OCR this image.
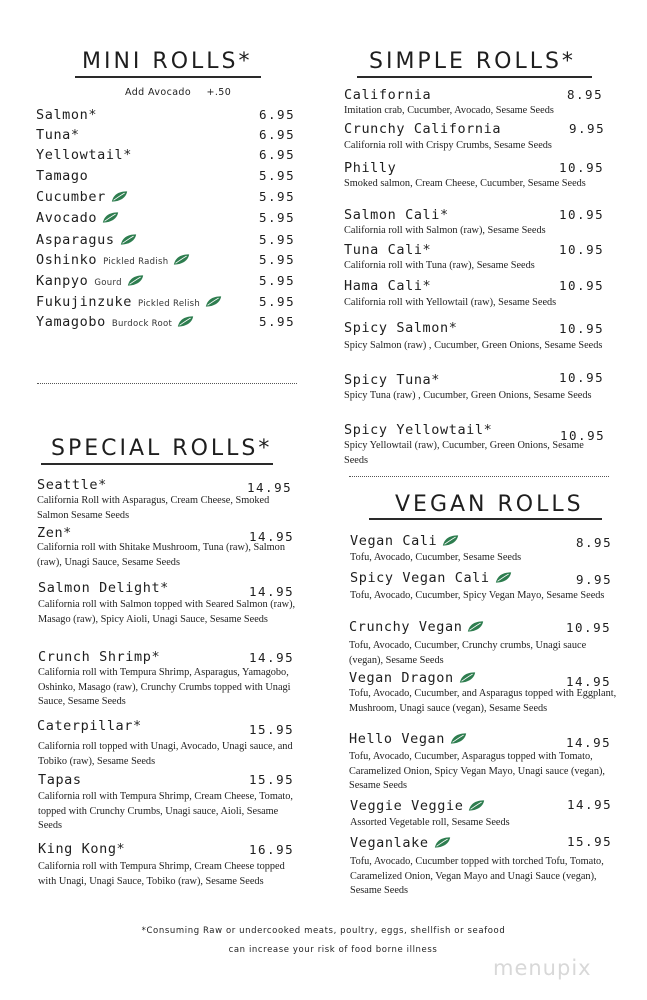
MINI ROLLS*
Add Avocado +.50
Salmon*	6.95
Tuna*	6.95
Yellowtail*	6.95
Tamago	5.95
Cucumber	5.95
Avocado	5.95
Asparagus	5.95
Oshinko Pickled Radish	5.95
Kanpyo Gourd	5.95
Fukujinzuke Pickled Relish	5.95
Yamagobo Burdock Root	5.95
SIMPLE ROLLS*
California	8.95
Imitation crab, Cucumber, Avocado, Sesame Seeds
Crunchy California	9.95
California roll with Crispy Crumbs, Sesame Seeds
Philly	10.95
Smoked salmon, Cream Cheese, Cucumber, Sesame Seeds
Salmon Cali*	10.95
California roll with Salmon (raw), Sesame Seeds
Tuna Cali*	10.95
California roll with Tuna (raw), Sesame Seeds
Hama Cali*	10.95
California roll with Yellowtail (raw), Sesame Seeds
Spicy Salmon*	10.95
Spicy Salmon (raw) , Cucumber, Green Onions, Sesame Seeds
Spicy Tuna*	10.95
Spicy Tuna (raw) , Cucumber, Green Onions, Sesame Seeds
Spicy Yellowtail*	10.95
Spicy Yellowtail (raw), Cucumber, Green Onions, Sesame Seeds
SPECIAL ROLLS*
Seattle*	14.95
California Roll with Asparagus, Cream Cheese, Smoked Salmon Sesame Seeds
Zen*	14.95
California roll with Shitake Mushroom, Tuna (raw), Salmon (raw), Unagi Sauce, Sesame Seeds
Salmon Delight*	14.95
California roll with Salmon topped with Seared Salmon (raw), Masago (raw), Spicy Aioli, Unagi Sauce, Sesame Seeds
Crunch Shrimp*	14.95
California roll with Tempura Shrimp, Asparagus, Yamagobo, Oshinko, Masago (raw), Crunchy Crumbs topped with Unagi Sauce, Sesame Seeds
Caterpillar*	15.95
California roll topped with Unagi, Avocado, Unagi sauce, and Tobiko (raw), Sesame Seeds
Tapas	15.95
California roll with Tempura Shrimp, Cream Cheese, Tomato, topped with Crunchy Crumbs, Unagi sauce, Aioli, Sesame Seeds
King Kong*	16.95
California roll with Tempura Shrimp, Cream Cheese topped with Unagi, Unagi Sauce, Tobiko (raw), Sesame Seeds
VEGAN ROLLS
Vegan Cali	8.95
Tofu, Avocado, Cucumber, Sesame Seeds
Spicy Vegan Cali	9.95
Tofu, Avocado, Cucumber, Spicy Vegan Mayo, Sesame Seeds
Crunchy Vegan	10.95
Tofu, Avocado, Cucumber, Crunchy crumbs, Unagi sauce (vegan), Sesame Seeds
Vegan Dragon	14.95
Tofu, Avocado, Cucumber, and Asparagus topped with Eggplant, Mushroom, Unagi sauce (vegan), Sesame Seeds
Hello Vegan	14.95
Tofu, Avocado, Cucumber, Asparagus topped with Tomato, Caramelized Onion, Spicy Vegan Mayo, Unagi sauce (vegan), Sesame Seeds
Veggie Veggie	14.95
Assorted Vegetable roll, Sesame Seeds
Veganlake	15.95
Tofu, Avocado, Cucumber topped with torched Tofu, Tomato, Caramelized Onion, Vegan Mayo and Unagi Sauce (vegan), Sesame Seeds
*Consuming Raw or undercooked meats, poultry, eggs, shellfish or seafood
can increase your risk of food borne illness
menupix
